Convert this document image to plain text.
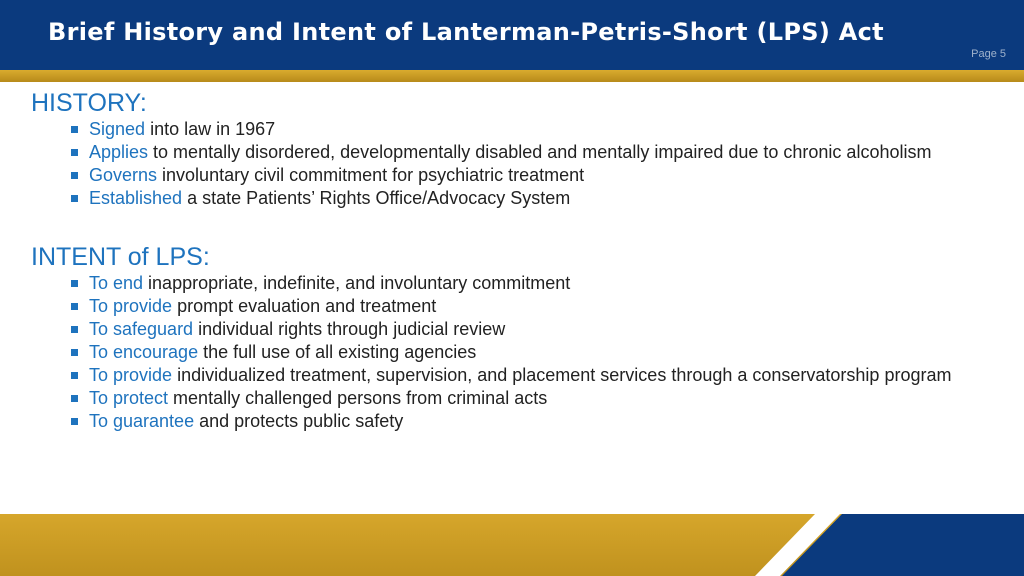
Brief History and Intent of Lanterman-Petris-Short (LPS) Act
Page 5
HISTORY:
Signed into law in 1967
Applies to mentally disordered, developmentally disabled and mentally impaired due to chronic alcoholism
Governs involuntary civil commitment for psychiatric treatment
Established a state Patients’ Rights Office/Advocacy System
INTENT of LPS:
To end inappropriate, indefinite, and involuntary commitment
To provide prompt evaluation and treatment
To safeguard individual rights through judicial review
To encourage the full use of all existing agencies
To provide individualized treatment, supervision, and placement services through a conservatorship program
To protect mentally challenged persons from criminal acts
To guarantee and protects public safety
